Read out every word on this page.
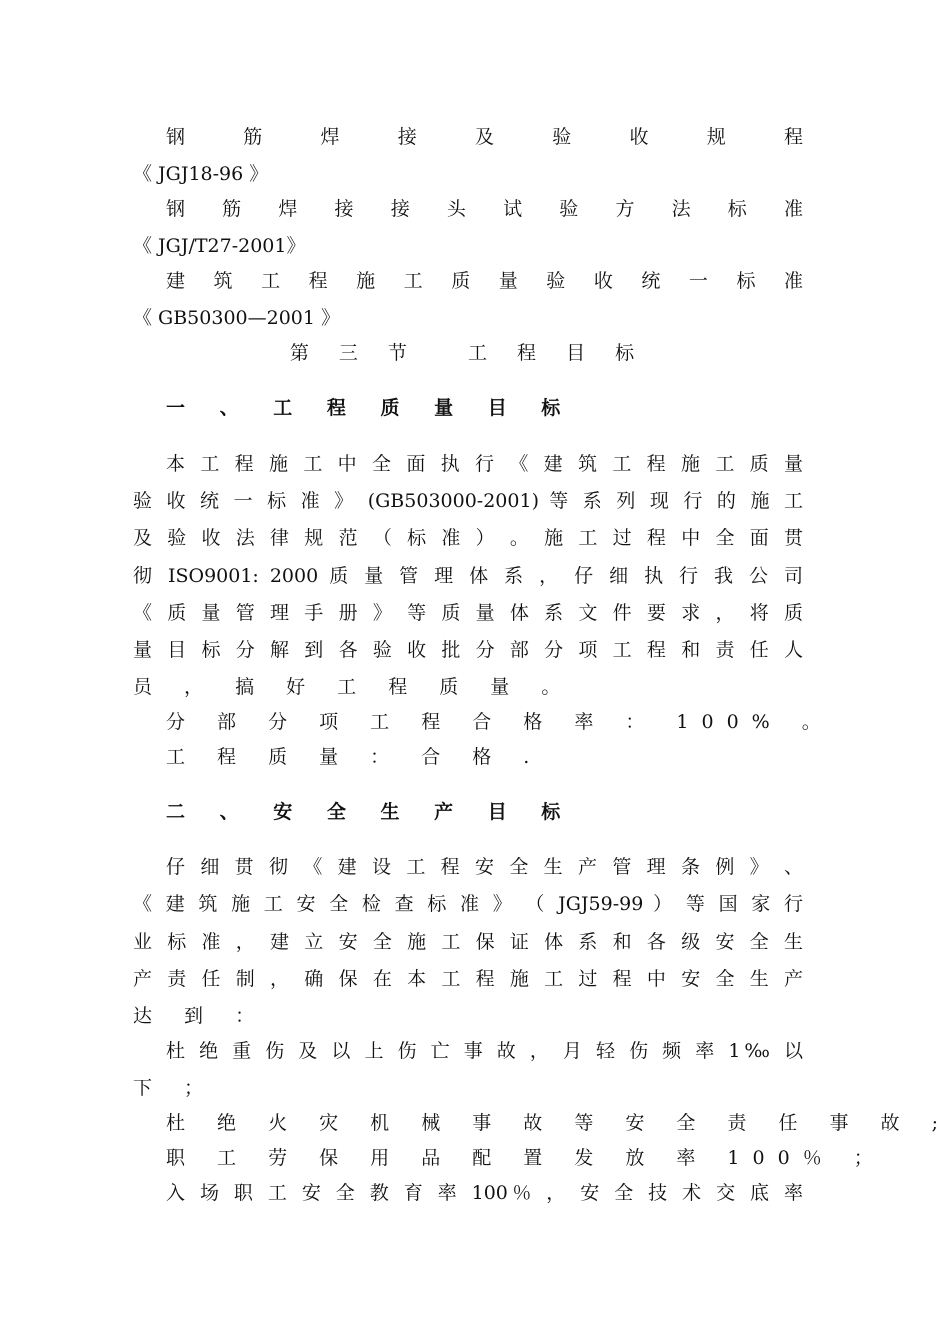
钢　　筋　　焊　　接　　及　　验　　收　　规　　程
《 JGJ18-96 》
钢　筋　焊　接　接　头　试　验　方　法　标　准
《 JGJ/T27-2001》
建　筑　工　程　施　工　质　量　验　收　统　一　标　准
《 GB50300—2001 》
第 三 节　 工 程 目 标
一 、 工 程 质 量 目 标
本 工 程 施 工 中 全 面 执 行 《 建 筑 工 程 施 工 质 量
验 收 统 一 标 准 》 (GB503000-2001) 等 系 列 现 行 的 施 工
及 验 收 法 律 规 范 （ 标 准 ） 。 施 工 过 程 中 全 面 贯
彻 ISO9001: 2000 质 量 管 理 体 系 ， 仔 细 执 行 我 公 司
《 质 量 管 理 手 册 》 等 质 量 体 系 文 件 要 求 ， 将 质
量 目 标 分 解 到 各 验 收 批 分 部 分 项 工 程 和 责 任 人
员 ， 搞 好 工 程 质 量 。
分 部 分 项 工 程 合 格 率 ： 100% 。
工 程 质 量 ： 合 格 .
二 、 安 全 生 产 目 标
仔 细 贯 彻 《 建 设 工 程 安 全 生 产 管 理 条 例 》 、
《 建 筑 施 工 安 全 检 查 标 准 》 （ JGJ59-99 ） 等 国 家 行
业 标 准 ， 建 立 安 全 施 工 保 证 体 系 和 各 级 安 全 生
产 责 任 制 ， 确 保 在 本 工 程 施 工 过 程 中 安 全 生 产
达 到 ：
杜 绝 重 伤 及 以 上 伤 亡 事 故 ， 月 轻 伤 频 率 1‰ 以
下 ；
杜 绝 火 灾 机 械 事 故 等 安 全 责 任 事 故 ;
职 工 劳 保 用 品 配 置 发 放 率 100％ ；
入 场 职 工 安 全 教 育 率 100％ ， 安 全 技 术 交 底 率
